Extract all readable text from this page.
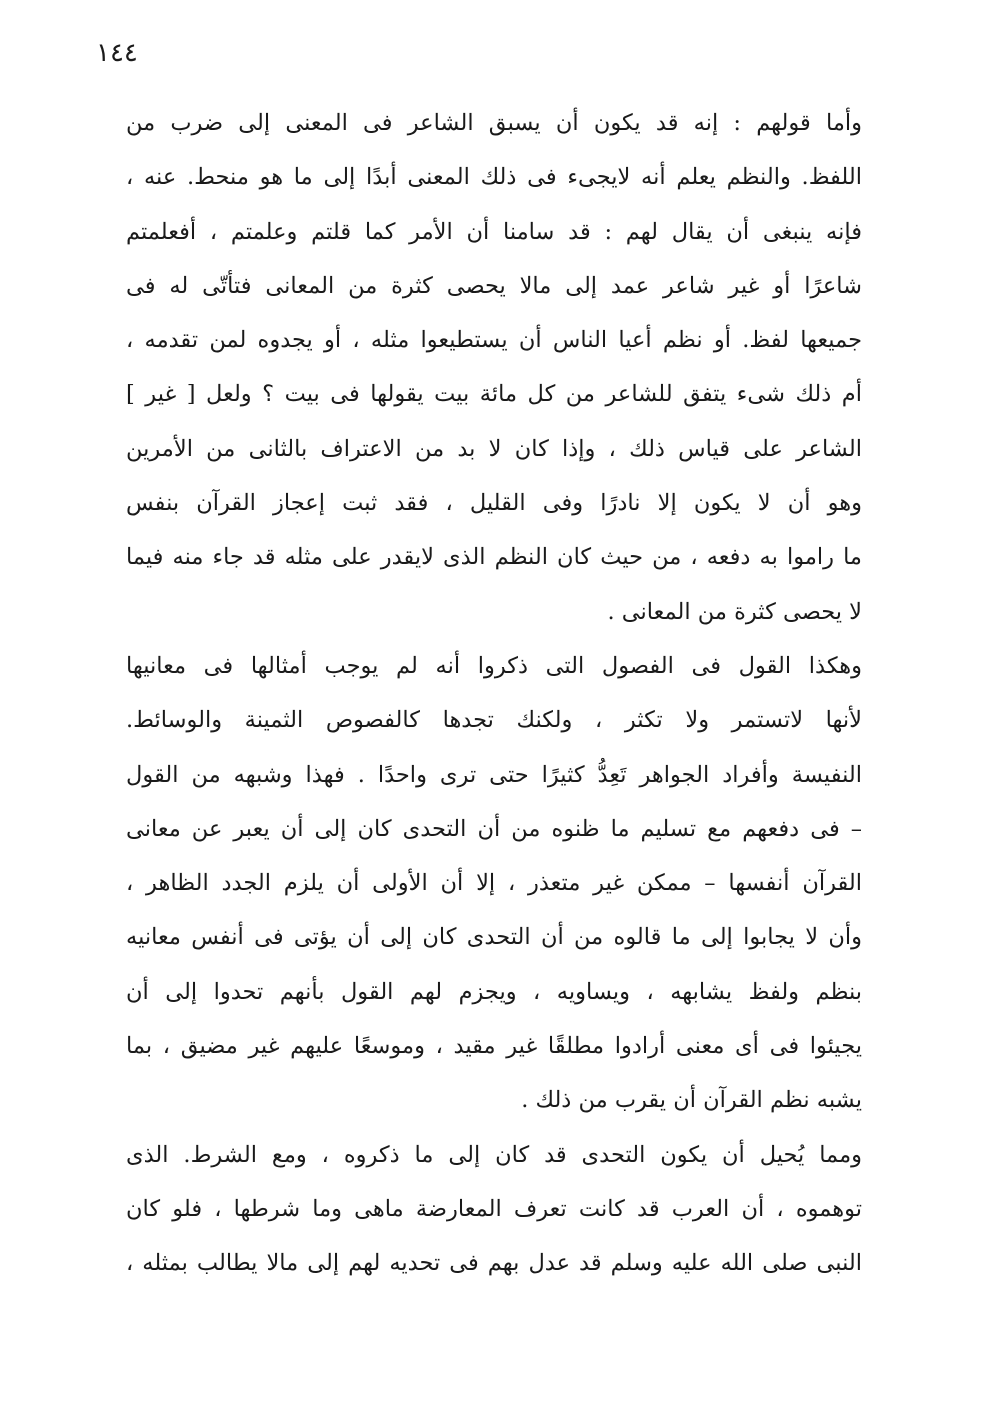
١٤٤
وأما قولهم : إنه قد يكون أن يسبق الشاعر فى المعنى إلى ضرب من
اللفظ. والنظم يعلم أنه لايجىء فى ذلك المعنى أبدًا إلى ما هو منحط. عنه ،
فإنه ينبغى أن يقال لهم : قد سامنا أن الأمر كما قلتم وعلمتم ، أفعلمتم
شاعرًا أو غير شاعر عمد إلى مالا يحصى كثرة من المعانى فتأتّى له فى
جميعها لفظ. أو نظم أعيا الناس أن يستطيعوا مثله ، أو يجدوه لمن تقدمه ،
أم ذلك شىء يتفق للشاعر من كل مائة بيت يقولها فى بيت ؟ ولعل [ غير ]
الشاعر على قياس ذلك ، وإذا كان لا بد من الاعتراف بالثانى من الأمرين
وهو أن لا يكون إلا نادرًا وفى القليل ، فقد ثبت إعجاز القرآن بنفس
ما راموا به دفعه ، من حيث كان النظم الذى لايقدر على مثله قد جاء منه فيما
لا يحصى كثرة من المعانى .
وهكذا القول فى الفصول التى ذكروا أنه لم يوجب أمثالها فى معانيها
لأنها لاتستمر ولا تكثر ، ولكنك تجدها كالفصوص الثمينة والوسائط.
النفيسة وأفراد الجواهر تَعِدُّ كثيرًا حتى ترى واحدًا . فهذا وشبهه من القول
– فى دفعهم مع تسليم ما ظنوه من أن التحدى كان إلى أن يعبر عن معانى
القرآن أنفسها – ممكن غير متعذر ، إلا أن الأولى أن يلزم الجدد الظاهر ،
وأن لا يجابوا إلى ما قالوه من أن التحدى كان إلى أن يؤتى فى أنفس معانيه
بنظم ولفظ يشابهه ، ويساويه ، ويجزم لهم القول بأنهم تحدوا إلى أن
يجيئوا فى أى معنى أرادوا مطلقًا غير مقيد ، وموسعًا عليهم غير مضيق ، بما
يشبه نظم القرآن أن يقرب من ذلك .
ومما يُحيل أن يكون التحدى قد كان إلى ما ذكروه ، ومع الشرط. الذى
توهموه ، أن العرب قد كانت تعرف المعارضة ماهى وما شرطها ، فلو كان
النبى صلى الله عليه وسلم قد عدل بهم فى تحديه لهم إلى مالا يطالب بمثله ،
